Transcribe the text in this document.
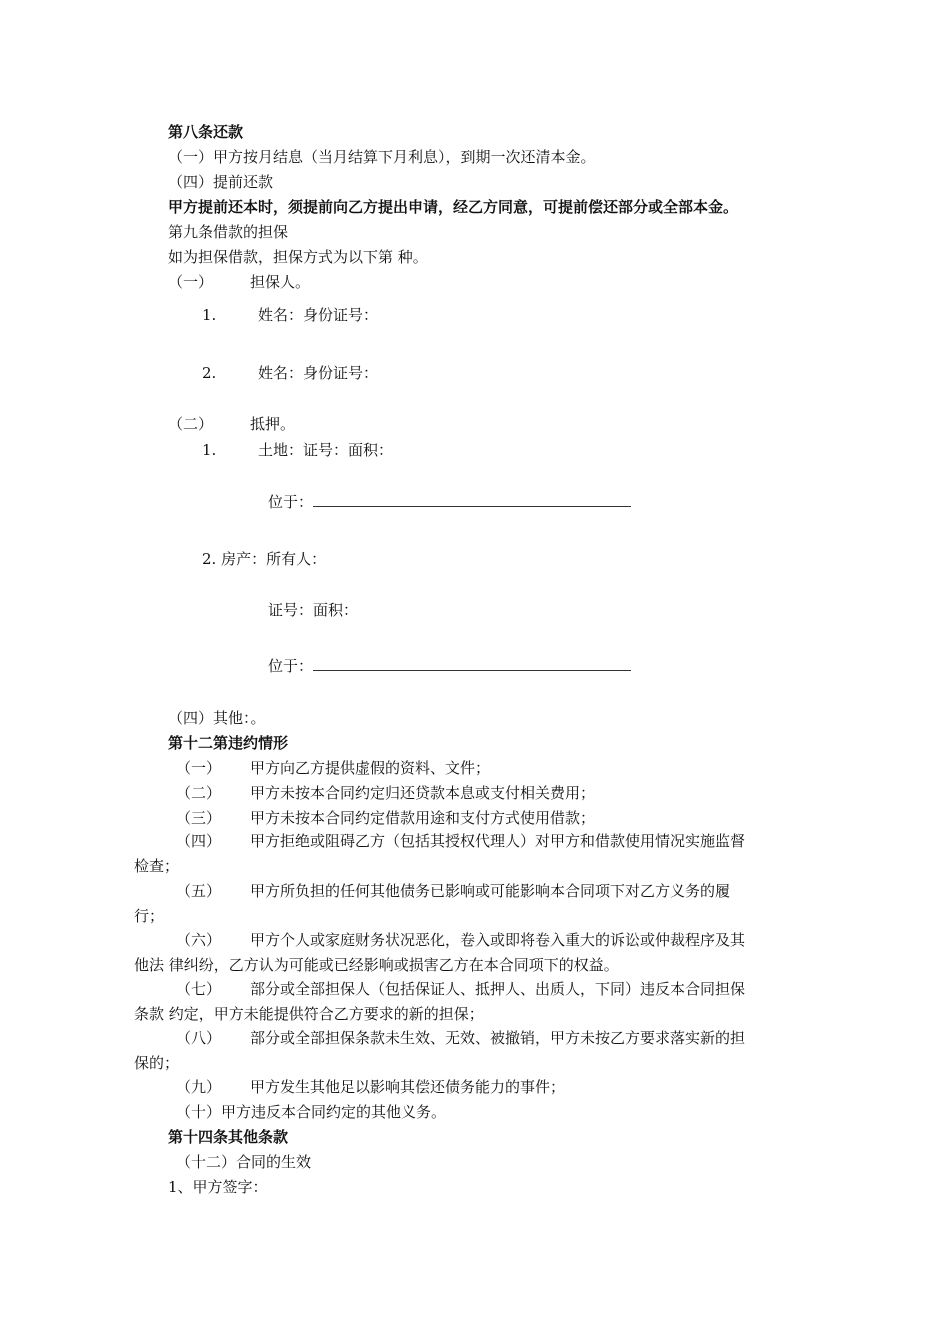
第八条还款
（一）甲方按月结息（当月结算下月利息），到期一次还清本金。
（四）提前还款
甲方提前还本时，须提前向乙方提出申请，经乙方同意，可提前偿还部分或全部本金。
第九条借款的担保
如为担保借款，担保方式为以下第 种。
（一） 担保人。
1.	姓名：身份证号：
2.	姓名：身份证号：
（二） 抵押。
1.	土地：证号：面积：
位于：
2. 房产：所有人：
证号：面积：
位于：
（四）其他：。
第十二第违约情形
（一） 甲方向乙方提供虚假的资料、文件；
（二） 甲方未按本合同约定归还贷款本息或支付相关费用；
（三） 甲方未按本合同约定借款用途和支付方式使用借款；
（四） 甲方拒绝或阻碍乙方（包括其授权代理人）对甲方和借款使用情况实施监督
检查；
（五） 甲方所负担的任何其他债务已影响或可能影响本合同项下对乙方义务的履
行；
（六） 甲方个人或家庭财务状况恶化，卷入或即将卷入重大的诉讼或仲裁程序及其
他法 律纠纷，乙方认为可能或已经影响或损害乙方在本合同项下的权益。
（七） 部分或全部担保人（包括保证人、抵押人、出质人，下同）违反本合同担保
条款 约定，甲方未能提供符合乙方要求的新的担保；
（八） 部分或全部担保条款未生效、无效、被撤销，甲方未按乙方要求落实新的担
保的；
（九） 甲方发生其他足以影响其偿还债务能力的事件；
（十）甲方违反本合同约定的其他义务。
第十四条其他条款
（十二）合同的生效
1、甲方签字：
